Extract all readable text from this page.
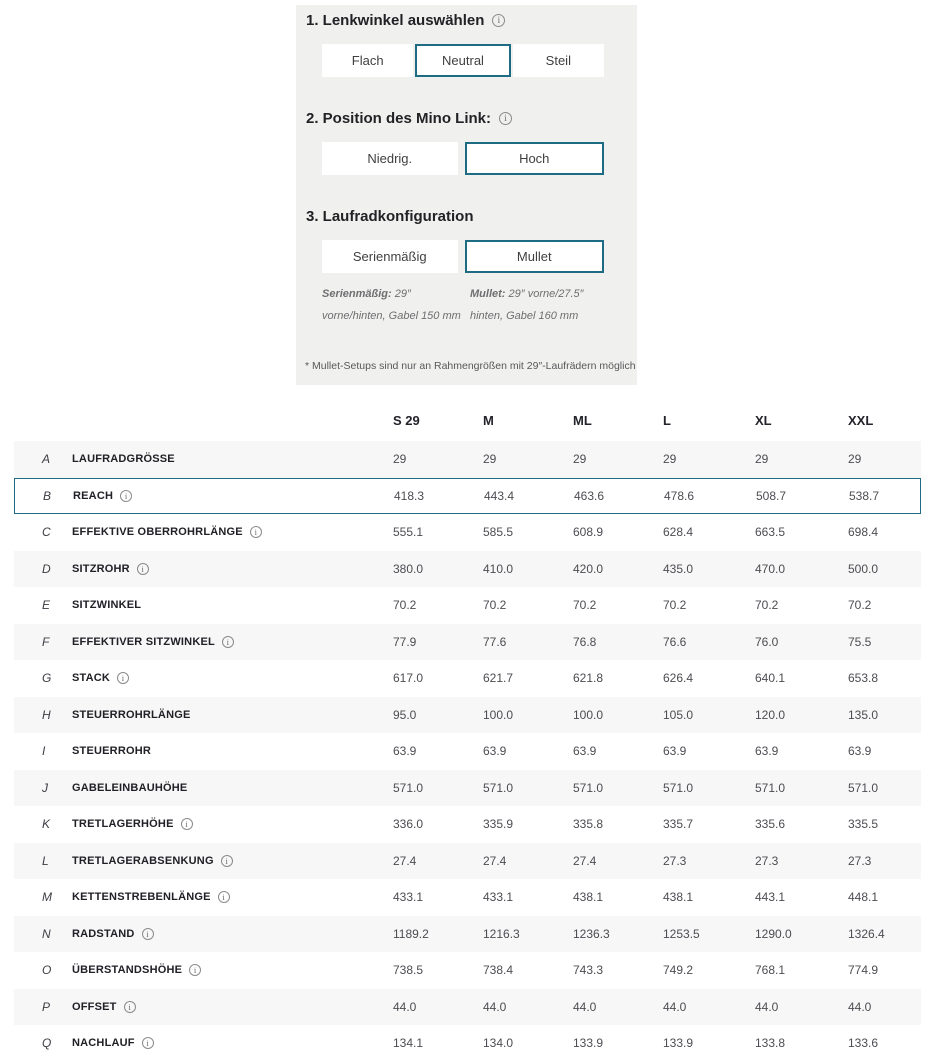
1. Lenkwinkel auswählen	i
Flach	Neutral	Steil
2. Position des Mino Link:	i
Niedrig.	Hoch
3. Laufradkonfiguration
Serienmäßig	Mullet
Serienmäßig: 29″ vorne/hinten, Gabel 150 mm
Mullet: 29″ vorne/27.5″ hinten, Gabel 160 mm
* Mullet-Setups sind nur an Rahmengrößen mit 29″-Laufrädern möglich
S 29	M	ML	L	XL	XXL
A	LAUFRADGRÖSSE	29	29	29	29	29	29
B	REACH	i	418.3	443.4	463.6	478.6	508.7	538.7
C	EFFEKTIVE OBERROHRLÄNGE	i	555.1	585.5	608.9	628.4	663.5	698.4
D	SITZROHR	i	380.0	410.0	420.0	435.0	470.0	500.0
E	SITZWINKEL	70.2	70.2	70.2	70.2	70.2	70.2
F	EFFEKTIVER SITZWINKEL	i	77.9	77.6	76.8	76.6	76.0	75.5
G	STACK	i	617.0	621.7	621.8	626.4	640.1	653.8
H	STEUERROHRLÄNGE	95.0	100.0	100.0	105.0	120.0	135.0
I	STEUERROHR	63.9	63.9	63.9	63.9	63.9	63.9
J	GABELEINBAUHÖHE	571.0	571.0	571.0	571.0	571.0	571.0
K	TRETLAGERHÖHE	i	336.0	335.9	335.8	335.7	335.6	335.5
L	TRETLAGERABSENKUNG	i	27.4	27.4	27.4	27.3	27.3	27.3
M	KETTENSTREBENLÄNGE	i	433.1	433.1	438.1	438.1	443.1	448.1
N	RADSTAND	i	1189.2	1216.3	1236.3	1253.5	1290.0	1326.4
O	ÜBERSTANDSHÖHE	i	738.5	738.4	743.3	749.2	768.1	774.9
P	OFFSET	i	44.0	44.0	44.0	44.0	44.0	44.0
Q	NACHLAUF	i	134.1	134.0	133.9	133.9	133.8	133.6
